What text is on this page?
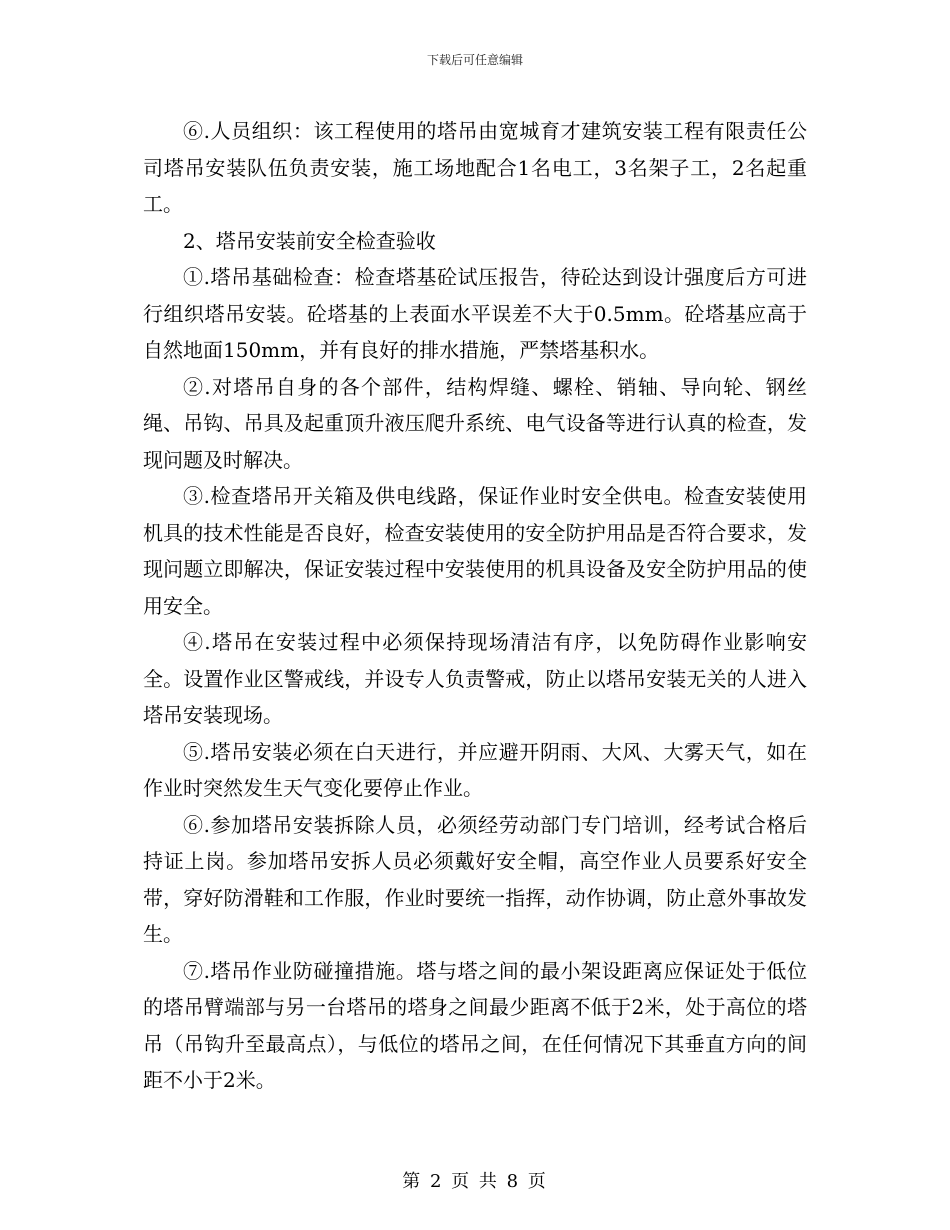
下载后可任意编辑

⑥.人员组织：该工程使用的塔吊由宽城育才建筑安装工程有限责任公司塔吊安装队伍负责安装，施工场地配合1名电工，3名架子工，2名起重工。

2、塔吊安装前安全检查验收

①.塔吊基础检查：检查塔基砼试压报告，待砼达到设计强度后方可进行组织塔吊安装。砼塔基的上表面水平误差不大于0.5mm。砼塔基应高于自然地面150mm，并有良好的排水措施，严禁塔基积水。

②.对塔吊自身的各个部件，结构焊缝、螺栓、销轴、导向轮、钢丝绳、吊钩、吊具及起重顶升液压爬升系统、电气设备等进行认真的检查，发现问题及时解决。

③.检查塔吊开关箱及供电线路，保证作业时安全供电。检查安装使用机具的技术性能是否良好，检查安装使用的安全防护用品是否符合要求，发现问题立即解决，保证安装过程中安装使用的机具设备及安全防护用品的使用安全。

④.塔吊在安装过程中必须保持现场清洁有序，以免防碍作业影响安全。设置作业区警戒线，并设专人负责警戒，防止以塔吊安装无关的人进入塔吊安装现场。

⑤.塔吊安装必须在白天进行，并应避开阴雨、大风、大雾天气，如在作业时突然发生天气变化要停止作业。

⑥.参加塔吊安装拆除人员，必须经劳动部门专门培训，经考试合格后持证上岗。参加塔吊安拆人员必须戴好安全帽，高空作业人员要系好安全带，穿好防滑鞋和工作服，作业时要统一指挥，动作协调，防止意外事故发生。

⑦.塔吊作业防碰撞措施。塔与塔之间的最小架设距离应保证处于低位的塔吊臂端部与另一台塔吊的塔身之间最少距离不低于2米，处于高位的塔吊（吊钩升至最高点），与低位的塔吊之间，在任何情况下其垂直方向的间距不小于2米。

第 2 页 共 8 页
